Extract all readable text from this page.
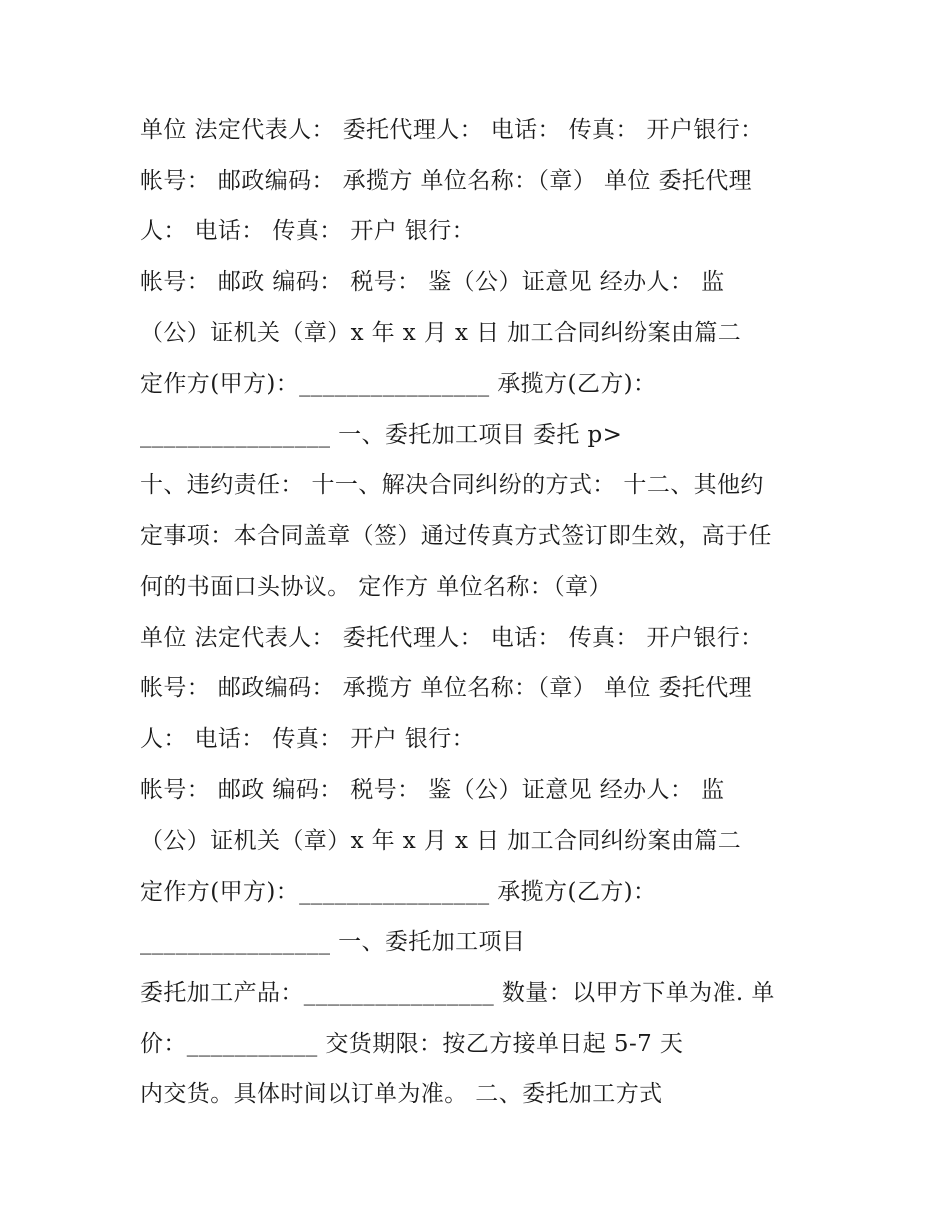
单位 法定代表人： 委托代理人： 电话： 传真： 开户银行：
帐号： 邮政编码： 承揽方 单位名称：（章） 单位 委托代理
人： 电话： 传真： 开户 银行：
帐号： 邮政 编码： 税号： 鉴（公）证意见 经办人： 监
（公）证机关（章）x 年 x 月 x 日 加工合同纠纷案由篇二
定作方(甲方)：________________ 承揽方(乙方)：
________________ 一、委托加工项目 委托 p>
十、违约责任： 十一、解决合同纠纷的方式： 十二、其他约
定事项：本合同盖章（签）通过传真方式签订即生效，高于任
何的书面口头协议。 定作方 单位名称：（章）
单位 法定代表人： 委托代理人： 电话： 传真： 开户银行：
帐号： 邮政编码： 承揽方 单位名称：（章） 单位 委托代理
人： 电话： 传真： 开户 银行：
帐号： 邮政 编码： 税号： 鉴（公）证意见 经办人： 监
（公）证机关（章）x 年 x 月 x 日 加工合同纠纷案由篇二
定作方(甲方)：________________ 承揽方(乙方)：
________________ 一、委托加工项目
委托加工产品：________________ 数量：以甲方下单为准. 单
价：___________ 交货期限：按乙方接单日起 5-7 天
内交货。具体时间以订单为准。 二、委托加工方式
